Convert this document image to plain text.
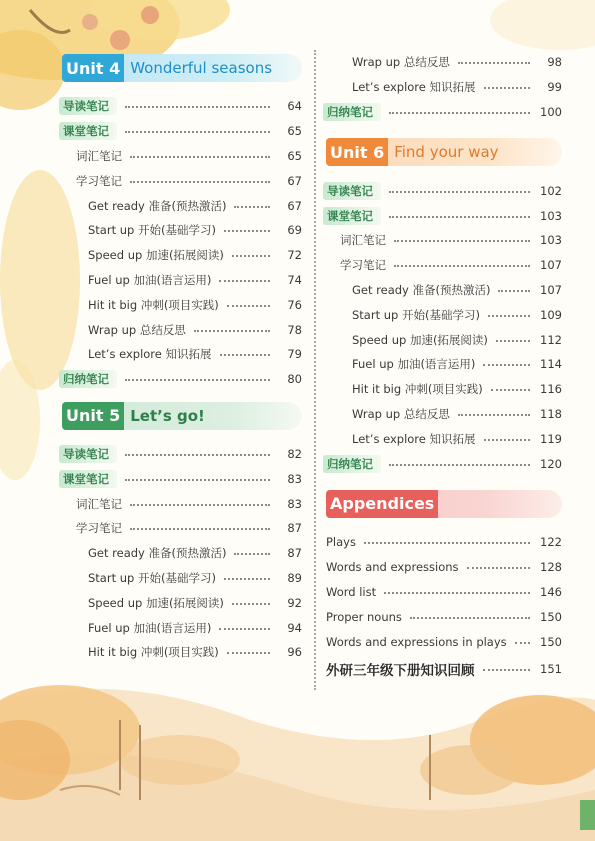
Unit 4 Wonderful seasons
导读笔记	64
课堂笔记	65
词汇笔记	65
学习笔记	67
Get ready 准备(预热激活)	67
Start up 开始(基础学习)	69
Speed up 加速(拓展阅读)	72
Fuel up 加油(语言运用)	74
Hit it big 冲刺(项目实践)	76
Wrap up 总结反思	78
Let’s explore 知识拓展	79
归纳笔记	80
Unit 5 Let’s go!
导读笔记	82
课堂笔记	83
词汇笔记	83
学习笔记	87
Get ready 准备(预热激活)	87
Start up 开始(基础学习)	89
Speed up 加速(拓展阅读)	92
Fuel up 加油(语言运用)	94
Hit it big 冲刺(项目实践)	96
Wrap up 总结反思	98
Let’s explore 知识拓展	99
归纳笔记	100
Unit 6 Find your way
导读笔记	102
课堂笔记	103
词汇笔记	103
学习笔记	107
Get ready 准备(预热激活)	107
Start up 开始(基础学习)	109
Speed up 加速(拓展阅读)	112
Fuel up 加油(语言运用)	114
Hit it big 冲刺(项目实践)	116
Wrap up 总结反思	118
Let’s explore 知识拓展	119
归纳笔记	120
Appendices
Plays	122
Words and expressions	128
Word list	146
Proper nouns	150
Words and expressions in plays	150
外研三年级下册知识回顾	151
